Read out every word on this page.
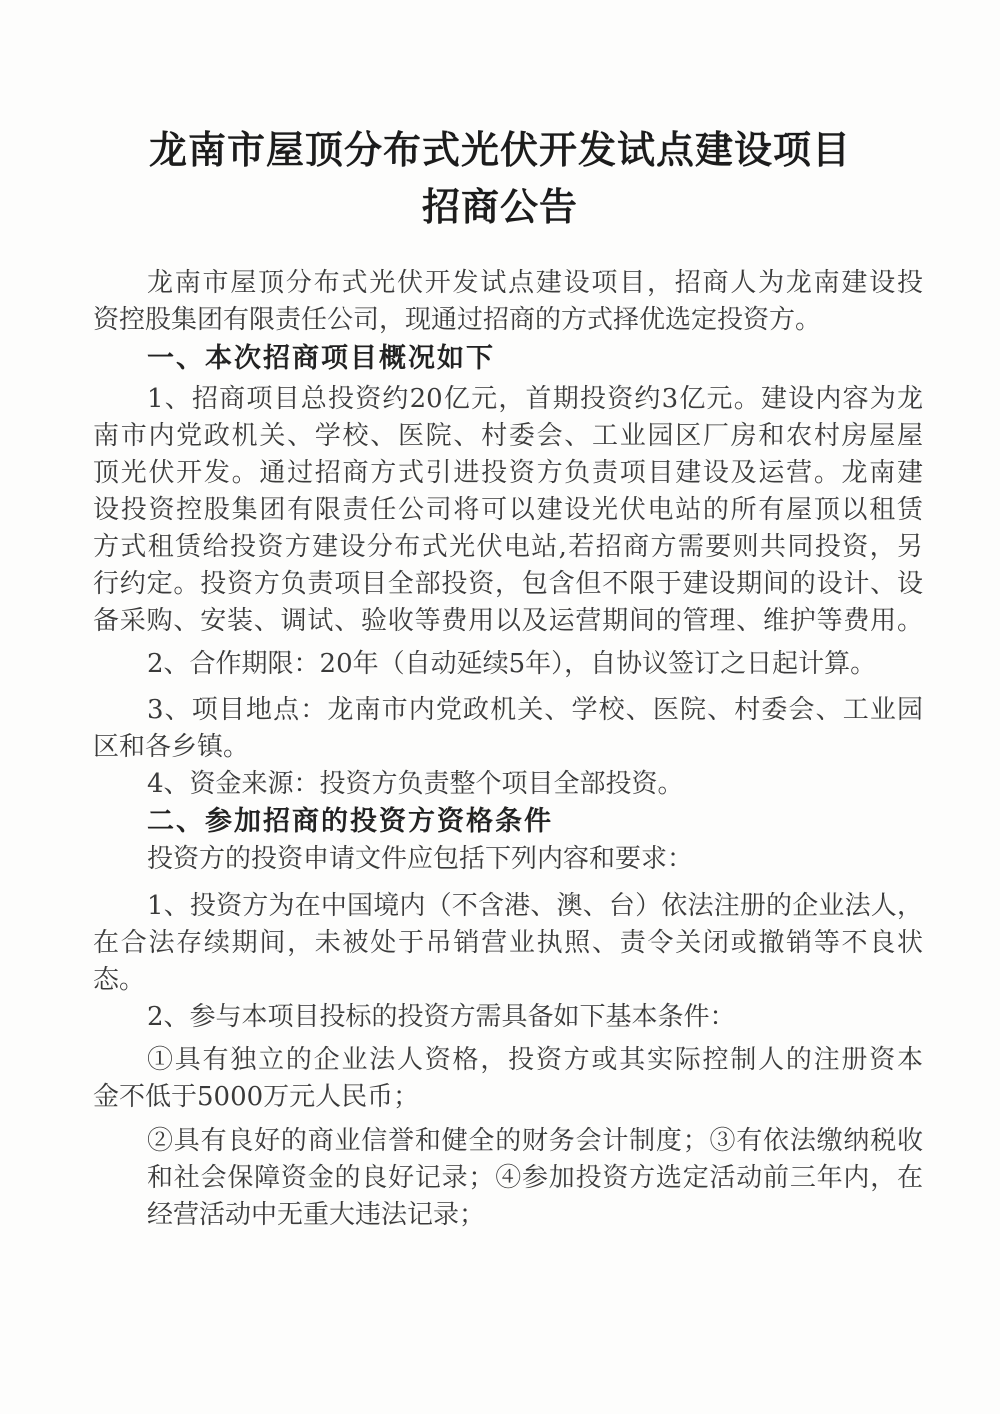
龙南市屋顶分布式光伏开发试点建设项目
招商公告
龙南市屋顶分布式光伏开发试点建设项目，招商人为龙南建设投
资控股集团有限责任公司，现通过招商的方式择优选定投资方。
一、本次招商项目概况如下
1、招商项目总投资约20亿元，首期投资约3亿元。建设内容为龙
南市内党政机关、学校、医院、村委会、工业园区厂房和农村房屋屋
顶光伏开发。通过招商方式引进投资方负责项目建设及运营。龙南建
设投资控股集团有限责任公司将可以建设光伏电站的所有屋顶以租赁
方式租赁给投资方建设分布式光伏电站,若招商方需要则共同投资，另
行约定。投资方负责项目全部投资，包含但不限于建设期间的设计、设
备采购、安装、调试、验收等费用以及运营期间的管理、维护等费用。
2、合作期限：20年（自动延续5年），自协议签订之日起计算。
3、项目地点：龙南市内党政机关、学校、医院、村委会、工业园
区和各乡镇。
4、资金来源：投资方负责整个项目全部投资。
二、参加招商的投资方资格条件
投资方的投资申请文件应包括下列内容和要求：
1、投资方为在中国境内（不含港、澳、台）依法注册的企业法人，
在合法存续期间，未被处于吊销营业执照、责令关闭或撤销等不良状
态。
2、参与本项目投标的投资方需具备如下基本条件：
①具有独立的企业法人资格，投资方或其实际控制人的注册资本
金不低于5000万元人民币；
②具有良好的商业信誉和健全的财务会计制度；③有依法缴纳税收
和社会保障资金的良好记录；④参加投资方选定活动前三年内，在
经营活动中无重大违法记录；
